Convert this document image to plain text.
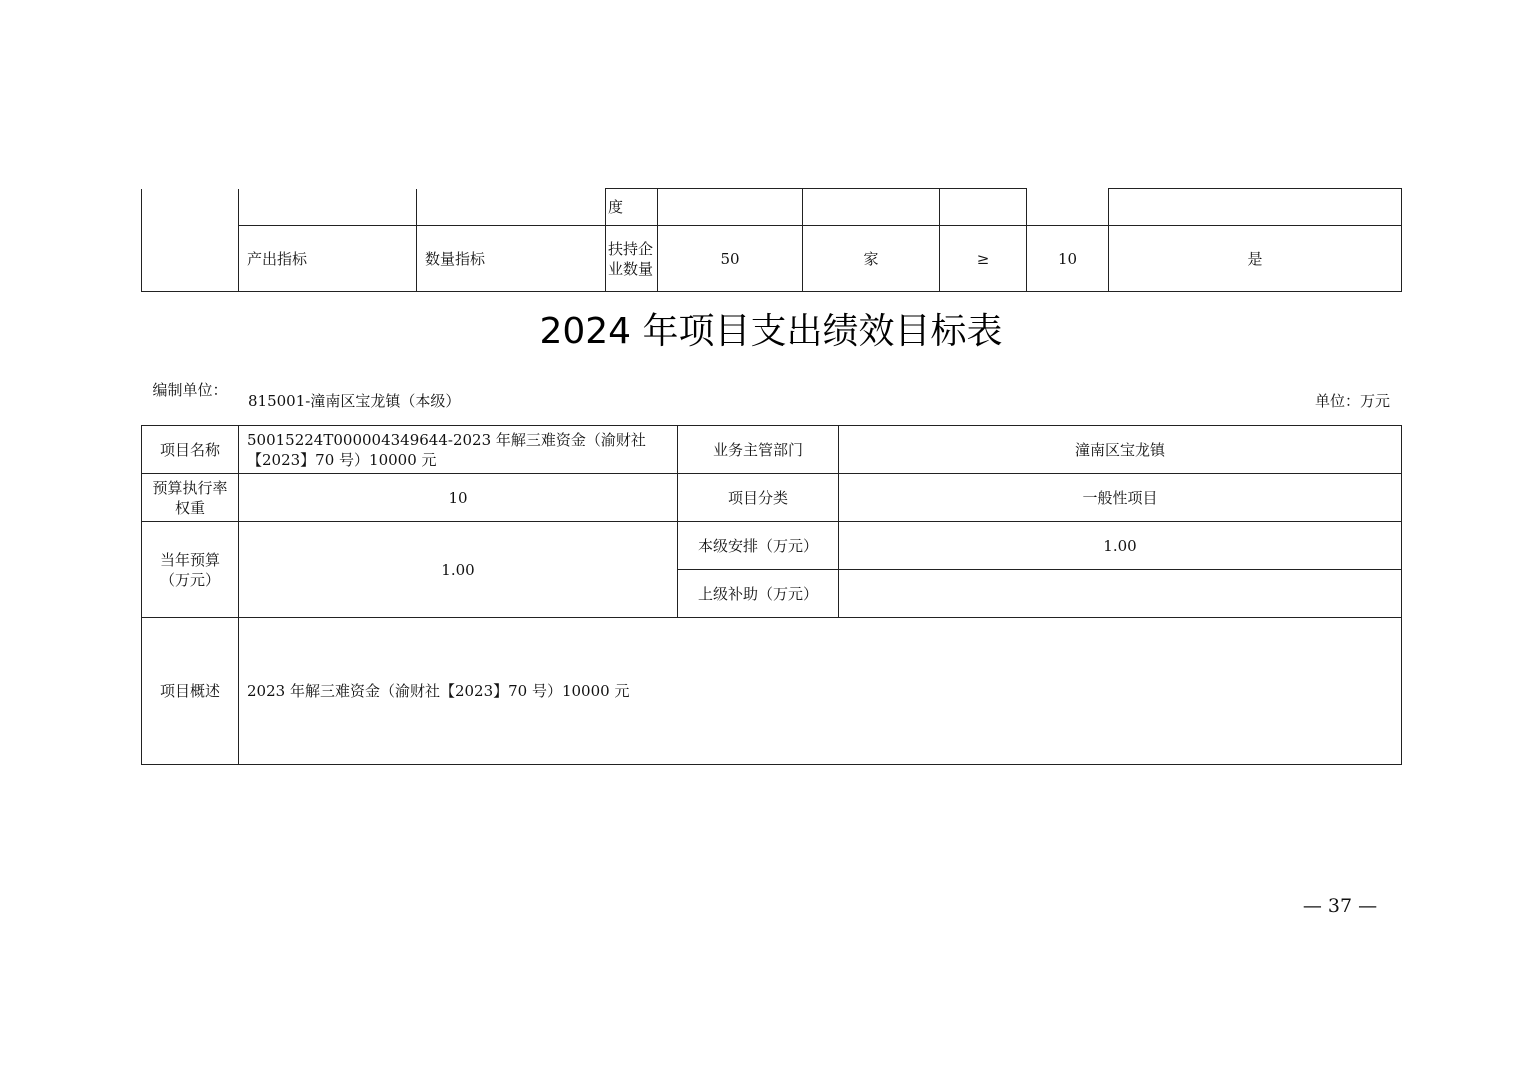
			度					
	产出指标	数量指标	扶持企业数量	50	家	≥	10	是
2024 年项目支出绩效目标表
编制单位：
815001-潼南区宝龙镇（本级）	单位：万元
项目名称	50015224T000004349644-2023 年解三难资金（渝财社【2023】70 号）10000 元	业务主管部门	潼南区宝龙镇
预算执行率权重	10	项目分类	一般性项目
当年预算（万元）	1.00	本级安排（万元）	1.00
		上级补助（万元）	
项目概述	2023 年解三难资金（渝财社【2023】70 号）10000 元		
— 37 —
